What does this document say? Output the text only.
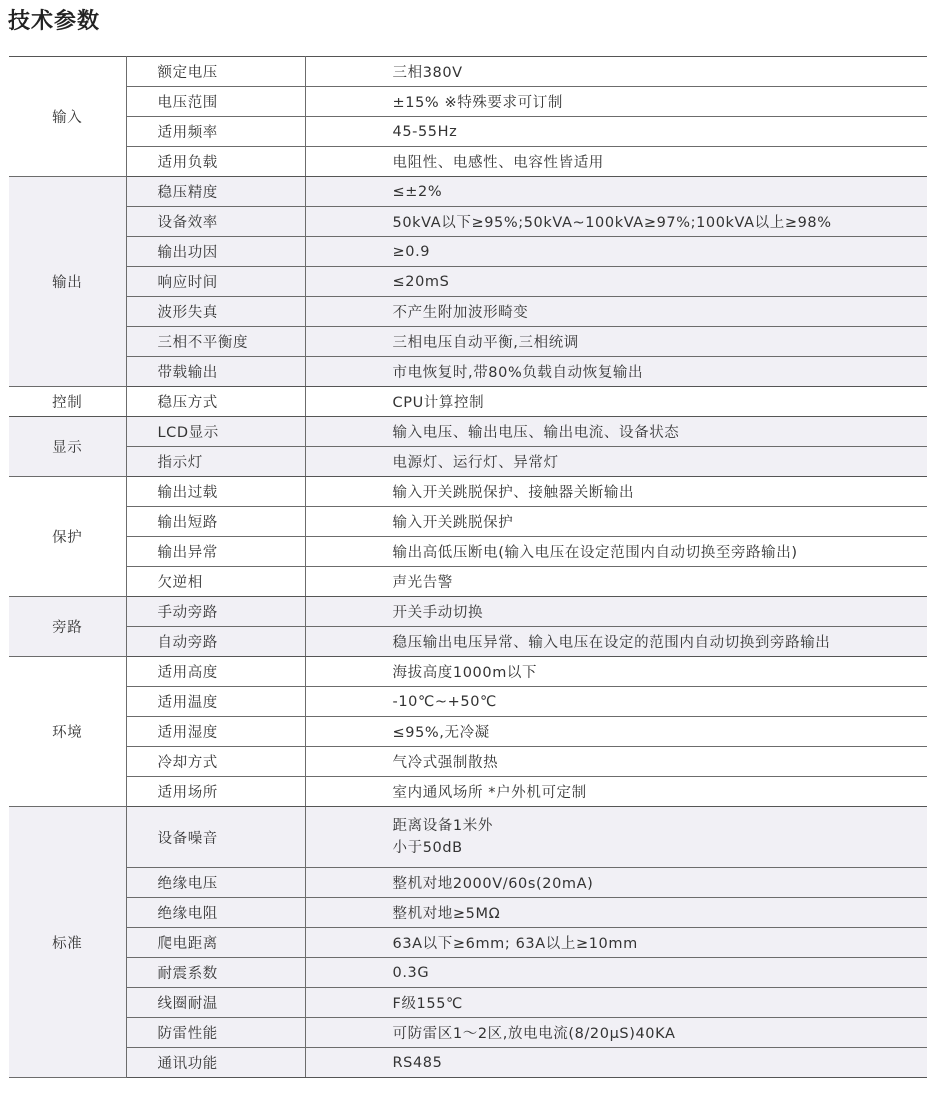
技术参数
输入	额定电压	三相380V
	电压范围	±15% ※特殊要求可订制
	适用频率	45-55Hz
	适用负载	电阻性、电感性、电容性皆适用
输出	稳压精度	≤±2%
	设备效率	50kVA以下≥95%;50kVA~100kVA≥97%;100kVA以上≥98%
	输出功因	≥0.9
	响应时间	≤20mS
	波形失真	不产生附加波形畸变
	三相不平衡度	三相电压自动平衡,三相统调
	带载输出	市电恢复时,带80%负载自动恢复输出
控制	稳压方式	CPU计算控制
显示	LCD显示	输入电压、输出电压、输出电流、设备状态
	指示灯	电源灯、运行灯、异常灯
保护	输出过载	输入开关跳脱保护、接触器关断输出
	输出短路	输入开关跳脱保护
	输出异常	输出高低压断电(输入电压在设定范围内自动切换至旁路输出)
	欠逆相	声光告警
旁路	手动旁路	开关手动切换
	自动旁路	稳压输出电压异常、输入电压在设定的范围内自动切换到旁路输出
环境	适用高度	海拔高度1000m以下
	适用温度	-10℃~+50℃
	适用湿度	≤95%,无冷凝
	冷却方式	气冷式强制散热
	适用场所	室内通风场所 *户外机可定制
标准	设备噪音	距离设备1米外
小于50dB

	绝缘电压	整机对地2000V/60s(20mA)
	绝缘电阻	整机对地≥5MΩ
	爬电距离	63A以下≥6mm; 63A以上≥10mm
	耐震系数	0.3G
	线圈耐温	F级155℃
	防雷性能	可防雷区1～2区,放电电流(8/20μS)40KA
	通讯功能	RS485
